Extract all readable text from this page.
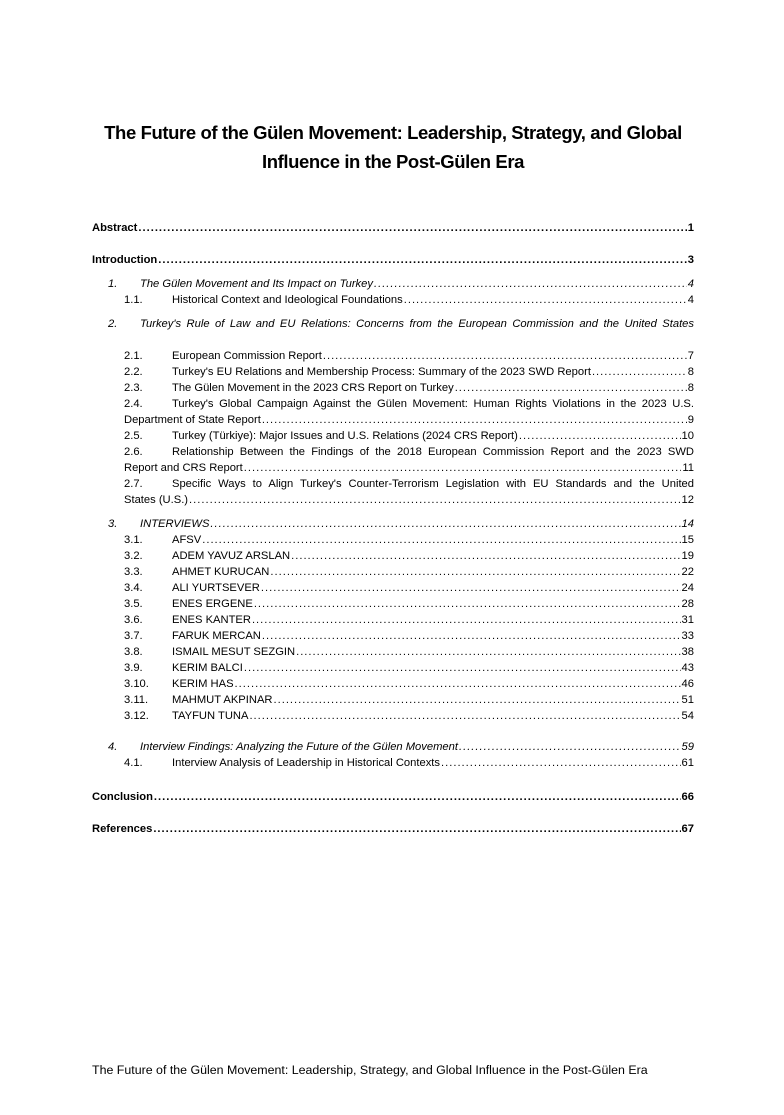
The Future of the Gülen Movement: Leadership, Strategy, and Global
Influence in the Post-Gülen Era
Abstract .....	1
Introduction .....	3
1.	The Gülen Movement and Its Impact on Turkey .....	4
1.1.	Historical Context and Ideological Foundations .....	4
2.	Turkey's Rule of Law and EU Relations: Concerns from the European Commission and the United States
2.1.	European Commission Report .....	7
2.2.	Turkey's EU Relations and Membership Process: Summary of the 2023 SWD Report .....	8
2.3.	The Gülen Movement in the 2023 CRS Report on Turkey .....	8
2.4.	Turkey's Global Campaign Against the Gülen Movement: Human Rights Violations in the 2023 U.S.
Department of State Report .....	9
2.5.	Turkey (Türkiye): Major Issues and U.S. Relations (2024 CRS Report) .....	10
2.6.	Relationship Between the Findings of the 2018 European Commission Report and the 2023 SWD
Report and CRS Report .....	11
2.7.	Specific Ways to Align Turkey's Counter-Terrorism Legislation with EU Standards and the United
States (U.S.) .....	12
3.	INTERVIEWS .....	14
3.1.	AFSV .....	15
3.2.	ADEM YAVUZ ARSLAN .....	19
3.3.	AHMET KURUCAN .....	22
3.4.	ALI YURTSEVER .....	24
3.5.	ENES ERGENE .....	28
3.6.	ENES KANTER .....	31
3.7.	FARUK MERCAN .....	33
3.8.	ISMAIL MESUT SEZGIN .....	38
3.9.	KERIM BALCI .....	43
3.10.	KERIM HAS .....	46
3.11.	MAHMUT AKPINAR .....	51
3.12.	TAYFUN TUNA .....	54
4.	Interview Findings: Analyzing the Future of the Gülen Movement .....	59
4.1.	Interview Analysis of Leadership in Historical Contexts .....	61
Conclusion .....	66
References .....	67
The Future of the Gülen Movement: Leadership, Strategy, and Global Influence in the Post-Gülen Era
